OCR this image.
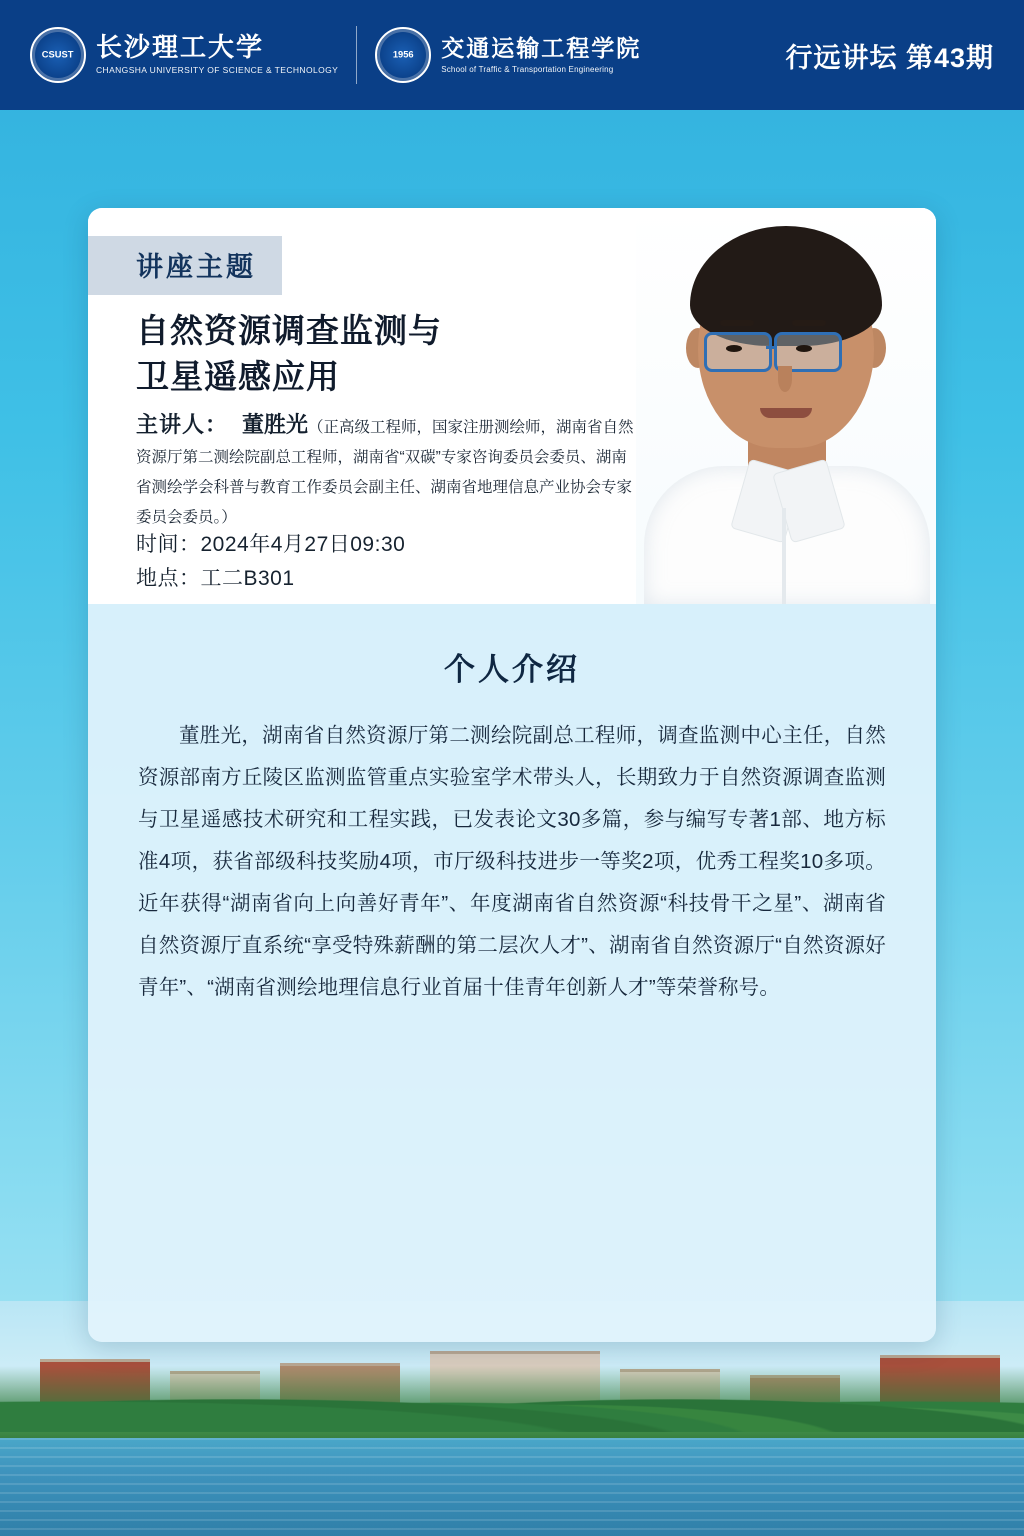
CSUST 长沙理工大学
CHANGSHA UNIVERSITY OF SCIENCE & TECHNOLOGY
1956 交通运输工程学院
School of Traffic & Transportation Engineering	行远讲坛 第43期
讲座主题
自然资源调查监测与
卫星遥感应用
主讲人： 董胜光（正高级工程师，国家注册测绘师，湖南省自然资源厅第二测绘院副总工程师，湖南省“双碳”专家咨询委员会委员、湖南省测绘学会科普与教育工作委员会副主任、湖南省地理信息产业协会专家委员会委员。）
时间：2024年4月27日09:30
地点：工二B301
个人介绍
董胜光，湖南省自然资源厅第二测绘院副总工程师，调查监测中心主任，自然资源部南方丘陵区监测监管重点实验室学术带头人，长期致力于自然资源调查监测与卫星遥感技术研究和工程实践，已发表论文30多篇，参与编写专著1部、地方标准4项，获省部级科技奖励4项，市厅级科技进步一等奖2项，优秀工程奖10多项。近年获得“湖南省向上向善好青年”、年度湖南省自然资源“科技骨干之星”、湖南省自然资源厅直系统“享受特殊薪酬的第二层次人才”、湖南省自然资源厅“自然资源好青年”、“湖南省测绘地理信息行业首届十佳青年创新人才”等荣誉称号。
